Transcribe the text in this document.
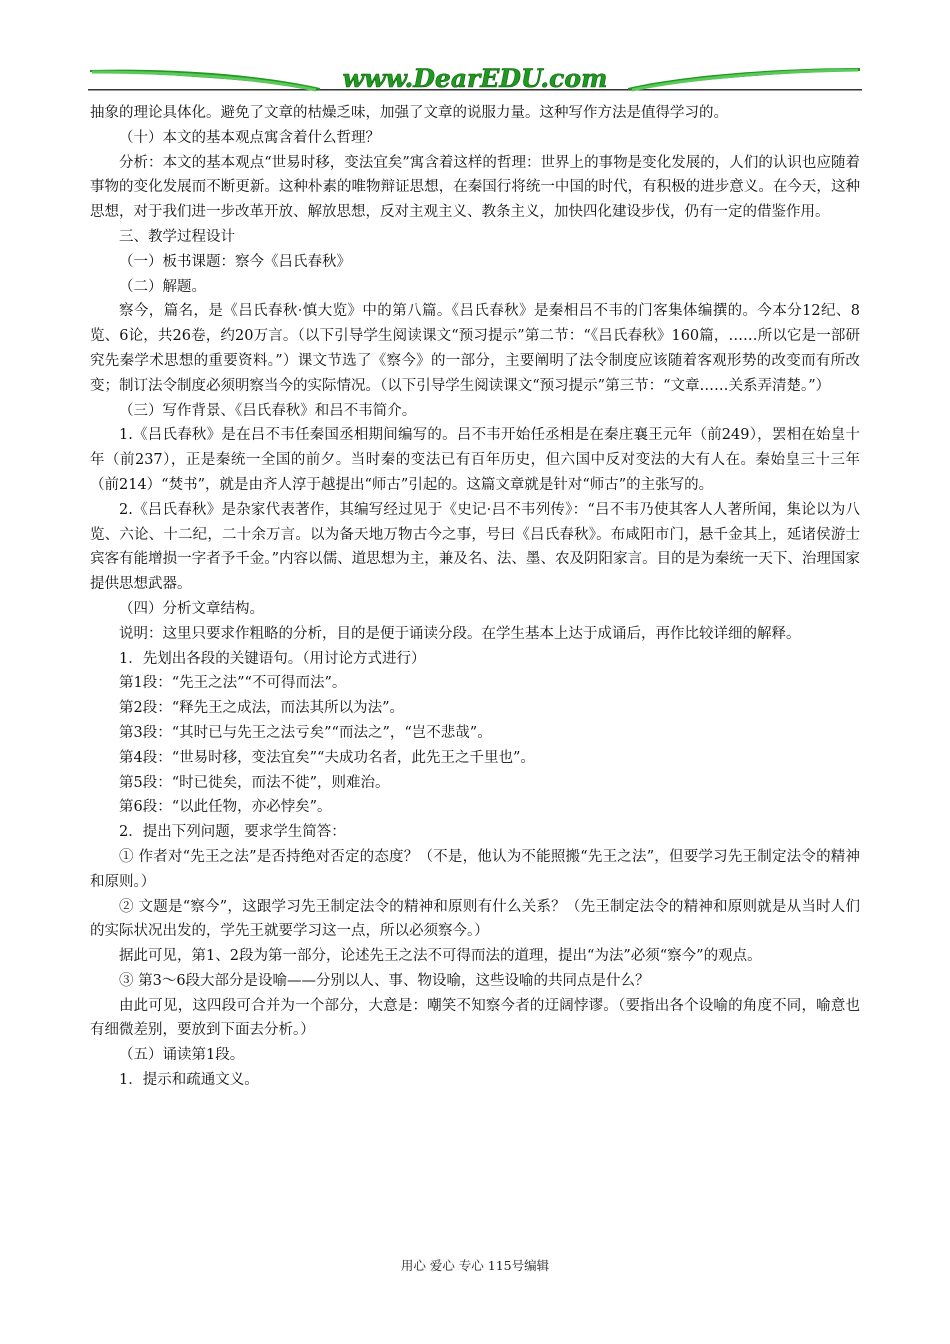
www.DearEDU.com

抽象的理论具体化。避免了文章的枯燥乏味，加强了文章的说服力量。这种写作方法是值得学习的。

（十）本文的基本观点寓含着什么哲理？

分析：本文的基本观点“世易时移，变法宜矣”寓含着这样的哲理：世界上的事物是变化发展的，人们的认识也应随着事物的变化发展而不断更新。这种朴素的唯物辩证思想，在秦国行将统一中国的时代，有积极的进步意义。在今天，这种思想，对于我们进一步改革开放、解放思想，反对主观主义、教条主义，加快四化建设步伐，仍有一定的借鉴作用。

三、教学过程设计

（一）板书课题：察今《吕氏春秋》

（二）解题。

察今，篇名，是《吕氏春秋·慎大览》中的第八篇。《吕氏春秋》是秦相吕不韦的门客集体编撰的。今本分12纪、8览、6论，共26卷，约20万言。（以下引导学生阅读课文“预习提示”第二节：“《吕氏春秋》160篇，……所以它是一部研究先秦学术思想的重要资料。”）课文节选了《察今》的一部分，主要阐明了法令制度应该随着客观形势的改变而有所改变；制订法令制度必须明察当今的实际情况。（以下引导学生阅读课文“预习提示”第三节：“文章……关系弄清楚。”）

（三）写作背景、《吕氏春秋》和吕不韦简介。

1.《吕氏春秋》是在吕不韦任秦国丞相期间编写的。吕不韦开始任丞相是在秦庄襄王元年（前249），罢相在始皇十年（前237），正是秦统一全国的前夕。当时秦的变法已有百年历史，但六国中反对变法的大有人在。秦始皇三十三年（前214）“焚书”，就是由齐人淳于越提出“师古”引起的。这篇文章就是针对“师古”的主张写的。

2.《吕氏春秋》是杂家代表著作，其编写经过见于《史记·吕不韦列传》：“吕不韦乃使其客人人著所闻，集论以为八览、六论、十二纪，二十余万言。以为备天地万物古今之事，号曰《吕氏春秋》。布咸阳市门，悬千金其上，延诸侯游士宾客有能增损一字者予千金。”内容以儒、道思想为主，兼及名、法、墨、农及阴阳家言。目的是为秦统一天下、治理国家提供思想武器。

（四）分析文章结构。

说明：这里只要求作粗略的分析，目的是便于诵读分段。在学生基本上达于成诵后，再作比较详细的解释。

1．先划出各段的关键语句。（用讨论方式进行）

第1段：“先王之法”“不可得而法”。

第2段：“释先王之成法，而法其所以为法”。

第3段：“其时已与先王之法亏矣”“而法之”，“岂不悲哉”。

第4段：“世易时移，变法宜矣”“夫成功名者，此先王之千里也”。

第5段：“时已徙矣，而法不徙”，则难治。

第6段：“以此任物，亦必悖矣”。

2．提出下列问题，要求学生简答：

① 作者对“先王之法”是否持绝对否定的态度？（不是，他认为不能照搬“先王之法”，但要学习先王制定法令的精神和原则。）

② 文题是“察今”，这跟学习先王制定法令的精神和原则有什么关系？（先王制定法令的精神和原则就是从当时人们的实际状况出发的，学先王就要学习这一点，所以必须察今。）

据此可见，第1、2段为第一部分，论述先王之法不可得而法的道理，提出“为法”必须“察今”的观点。

③ 第3～6段大部分是设喻——分别以人、事、物设喻，这些设喻的共同点是什么？

由此可见，这四段可合并为一个部分，大意是：嘲笑不知察今者的迂阔悖谬。（要指出各个设喻的角度不同，喻意也有细微差别，要放到下面去分析。）

（五）诵读第1段。

1．提示和疏通文义。

用心 爱心 专心 115号编辑
